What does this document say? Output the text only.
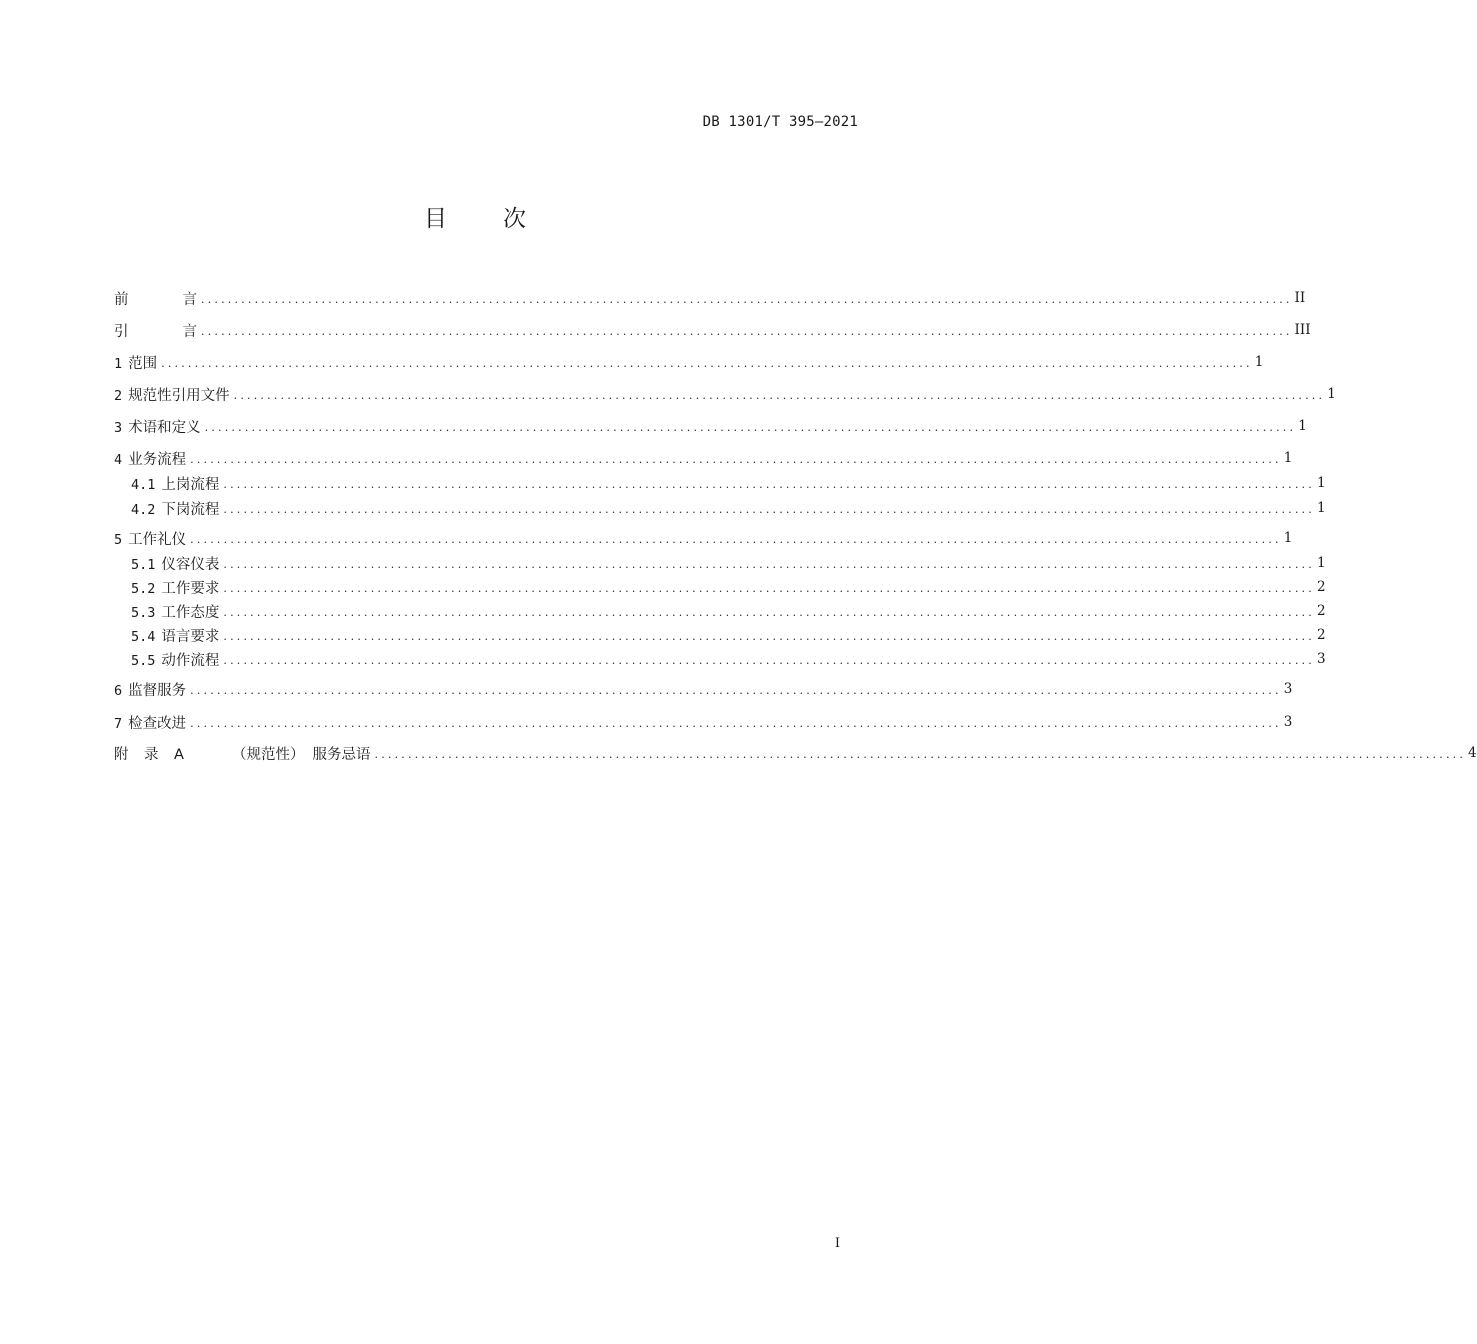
DB 1301/T 395—2021
目 次
前	言 ................................................................................................................................................................... II
引	言 ................................................................................................................................................................... III
1 范围 ................................................................................................................................................................... 1
2 规范性引用文件 ................................................................................................................................................................... 1
3 术语和定义 ................................................................................................................................................................... 1
4 业务流程 ................................................................................................................................................................... 1
4.1 上岗流程 ................................................................................................................................................................... 1
4.2 下岗流程 ................................................................................................................................................................... 1
5 工作礼仪 ................................................................................................................................................................... 1
5.1 仪容仪表 ................................................................................................................................................................... 1
5.2 工作要求 ................................................................................................................................................................... 2
5.3 工作态度 ................................................................................................................................................................... 2
5.4 语言要求 ................................................................................................................................................................... 2
5.5 动作流程 ................................................................................................................................................................... 3
6 监督服务 ................................................................................................................................................................... 3
7 检查改进 ................................................................................................................................................................... 3
附 录 A	（规范性） 服务忌语 ................................................................................................................................................................... 4
I
